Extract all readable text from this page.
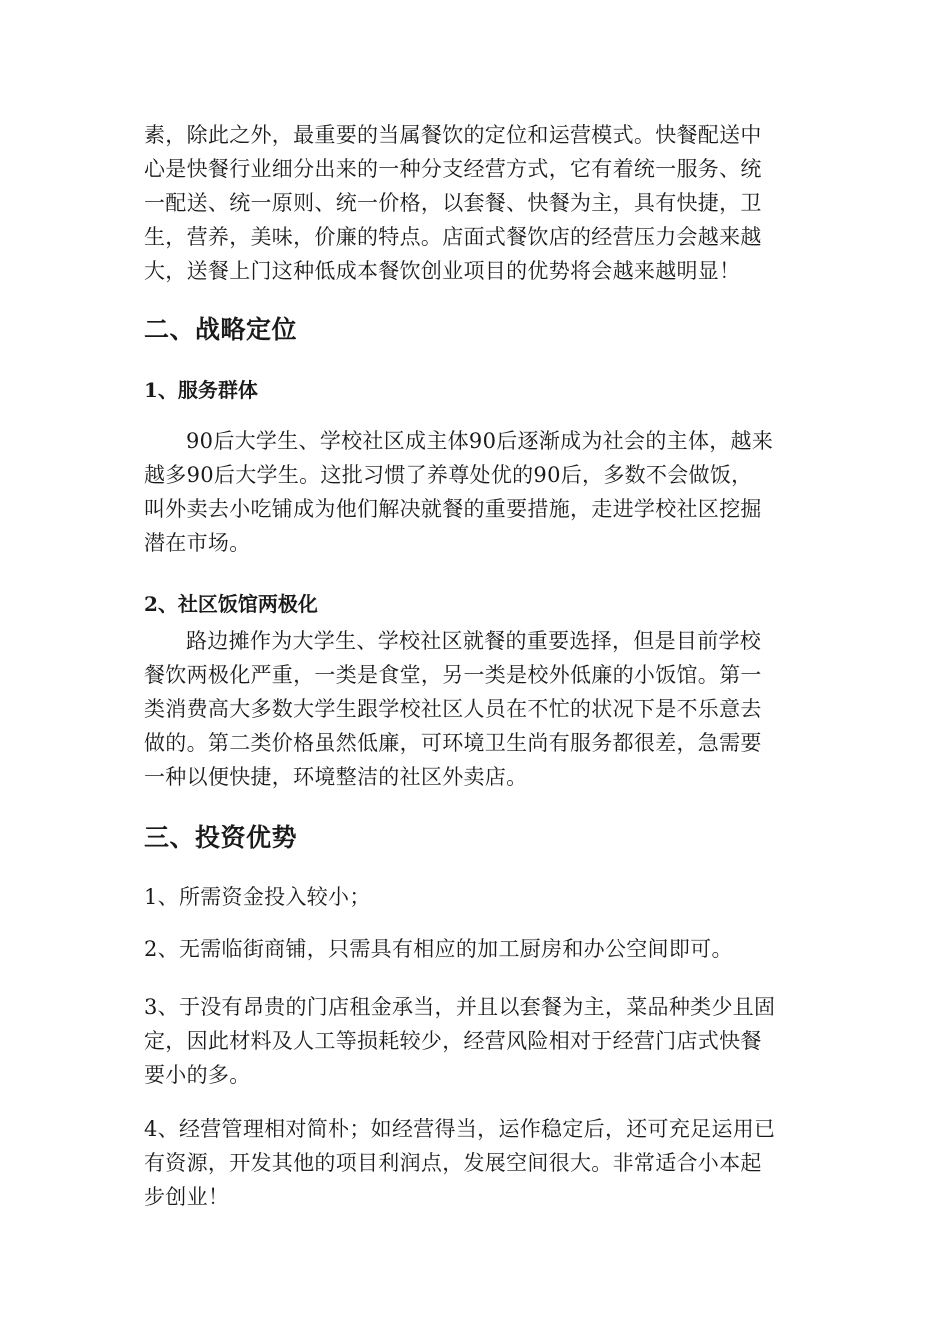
素，除此之外，最重要的当属餐饮的定位和运营模式。快餐配送中
心是快餐行业细分出来的一种分支经营方式，它有着统一服务、统
一配送、统一原则、统一价格，以套餐、快餐为主，具有快捷，卫
生，营养，美味，价廉的特点。店面式餐饮店的经营压力会越来越
大，送餐上门这种低成本餐饮创业项目的优势将会越来越明显！
二、战略定位
1、服务群体
90后大学生、学校社区成主体90后逐渐成为社会的主体，越来
越多90后大学生。这批习惯了养尊处优的90后，多数不会做饭，
叫外卖去小吃铺成为他们解决就餐的重要措施，走进学校社区挖掘
潜在市场。
2、社区饭馆两极化
路边摊作为大学生、学校社区就餐的重要选择，但是目前学校
餐饮两极化严重，一类是食堂，另一类是校外低廉的小饭馆。第一
类消费高大多数大学生跟学校社区人员在不忙的状况下是不乐意去
做的。第二类价格虽然低廉，可环境卫生尚有服务都很差，急需要
一种以便快捷，环境整洁的社区外卖店。
三、投资优势
1、所需资金投入较小；
2、无需临街商铺，只需具有相应的加工厨房和办公空间即可。
3、于没有昂贵的门店租金承当，并且以套餐为主，菜品种类少且固
定，因此材料及人工等损耗较少，经营风险相对于经营门店式快餐
要小的多。
4、经营管理相对简朴；如经营得当，运作稳定后，还可充足运用已
有资源，开发其他的项目利润点，发展空间很大。非常适合小本起
步创业！
